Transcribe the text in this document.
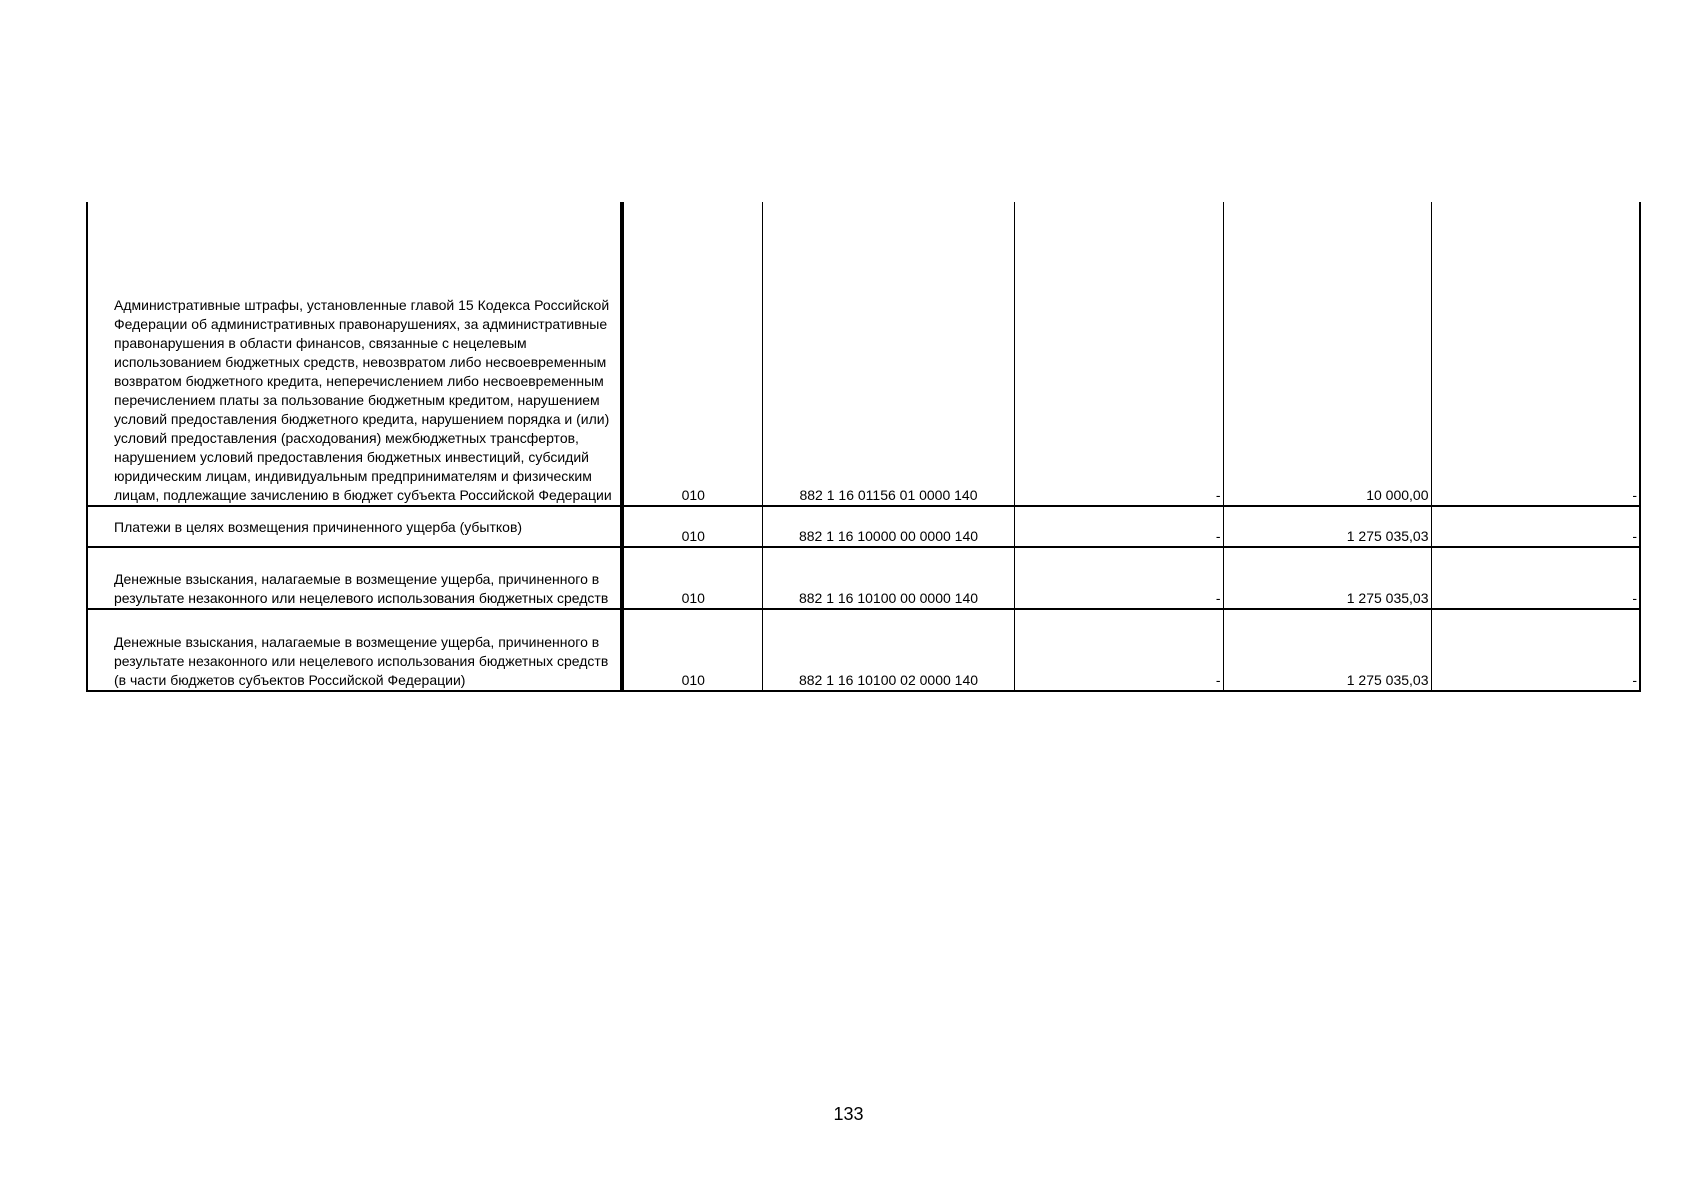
Административные штрафы, установленные главой 15 Кодекса Российской Федерации об административных правонарушениях, за административные правонарушения в области финансов, связанные с нецелевым использованием бюджетных средств, невозвратом либо несвоевременным возвратом бюджетного кредита, неперечислением либо несвоевременным перечислением платы за пользование бюджетным кредитом, нарушением условий предоставления бюджетного кредита, нарушением порядка и (или) условий предоставления (расходования) межбюджетных трансфертов, нарушением условий предоставления бюджетных инвестиций, субсидий юридическим лицам, индивидуальным предпринимателям и физическим лицам, подлежащие зачислению в бюджет субъекта Российской Федерации	010	882 1 16 01156 01 0000 140	-	10 000,00	-

Платежи в целях возмещения причиненного ущерба (убытков)	010	882 1 16 10000 00 0000 140	-	1 275 035,03	-

Денежные взыскания, налагаемые в возмещение ущерба, причиненного в результате незаконного или нецелевого использования бюджетных средств	010	882 1 16 10100 00 0000 140	-	1 275 035,03	-

Денежные взыскания, налагаемые в возмещение ущерба, причиненного в результате незаконного или нецелевого использования бюджетных средств (в части бюджетов субъектов Российской Федерации)	010	882 1 16 10100 02 0000 140	-	1 275 035,03	-
133
